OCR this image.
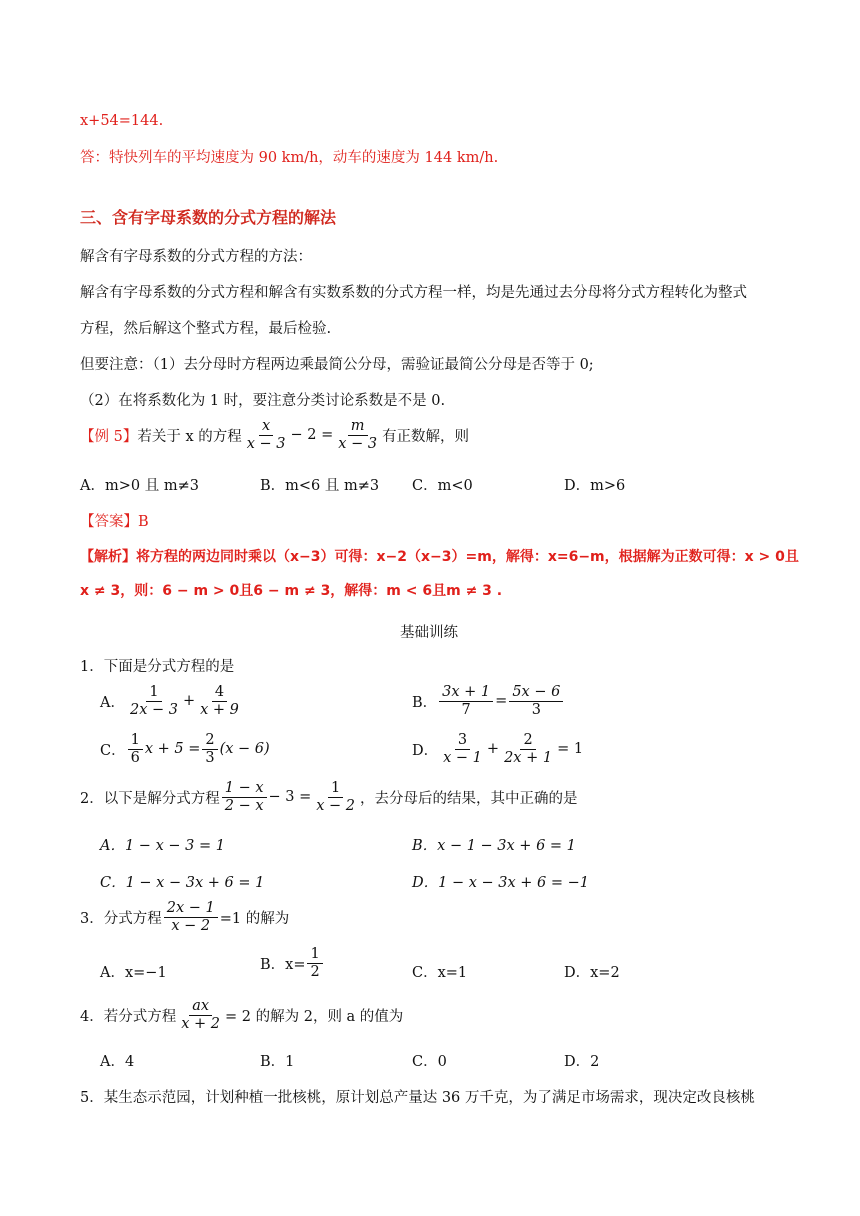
x+54=144.
答：特快列车的平均速度为 90 km/h，动车的速度为 144 km/h.
三、含有字母系数的分式方程的解法
解含有字母系数的分式方程的方法：
解含有字母系数的分式方程和解含有实数系数的分式方程一样，均是先通过去分母将分式方程转化为整式
方程，然后解这个整式方程，最后检验.
但要注意：（1）去分母时方程两边乘最简公分母，需验证最简公分母是否等于 0;
（2）在将系数化为 1 时，要注意分类讨论系数是不是 0.
【例 5】 若关于 x 的方程 $\frac{x}{x - 3} - 2 = \frac{m}{x - 3}$ 有正数解，则
A．m>0 且 m≠3	B．m<6 且 m≠3 C．m<0	D．m>6
【答案】B
【解析】将方程的两边同时乘以（x−3）可得：x−2（x−3）=m，解得：x=6−m，根据解为正数可得：x > 0且
x ≠ 3，则：6 − m > 0且6 − m ≠ 3，解得：m < 6且m ≠ 3 .
基础训练
1．下面是分式方程的是
A． $\frac{1}{2x - 3} + \frac{4}{x + 9}$	B． $\frac{3x + 1}{7} = \frac{5x - 6}{3}$
C． $\frac{1}{6}$ $x + 5 = \frac{2}{3} (x - 6)$	D． $\frac{3}{x - 1} + \frac{2}{2x + 1} = 1$
2．以下是解分式方程 $\frac{1 - x}{2 - x} - 3 = \frac{1}{x - 2}$ ，去分母后的结果，其中正确的是
A．1 − x − 3 = 1	B．x − 1 − 3x + 6 = 1
C．1 − x − 3x + 6 = 1	D．1 − x − 3x + 6 = −1
3．分式方程 $\frac{2x - 1}{x - 2} =1$ 的解为
A．x=−1
B．$x= \frac{1}{2}$	C．x=1	D．x=2
4．若分式方程 $\frac{ax}{x + 2} = 2$ 的解为 2，则 a 的值为
A．4	B．1	C．0	D．2
5．某生态示范园，计划种植一批核桃，原计划总产量达 36 万千克，为了满足市场需求，现决定改良核桃
